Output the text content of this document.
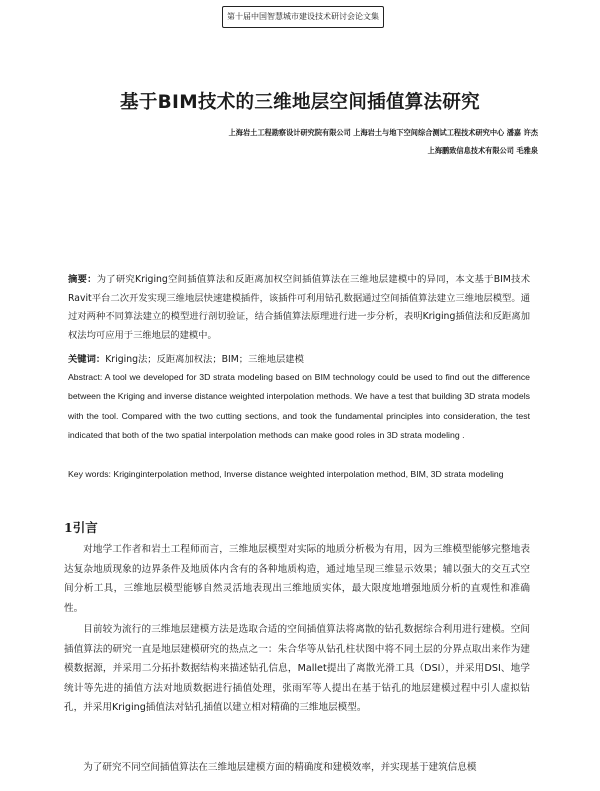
第十届中国智慧城市建设技术研讨会论文集
基于BIM技术的三维地层空间插值算法研究
上海岩土工程勘察设计研究院有限公司 上海岩土与地下空间综合测试工程技术研究中心 潘嘉 许杰
上海鹏致信息技术有限公司 毛雅泉
摘要：为了研究Kriging空间插值算法和反距离加权空间插值算法在三维地层建模中的异同，本文基于BIM技术Ravit平台二次开发实现三维地层快速建模插件，该插件可利用钻孔数据通过空间插值算法建立三维地层模型。通过对两种不同算法建立的模型进行剖切验证，结合插值算法原理进行进一步分析，表明Kriging插值法和反距离加权法均可应用于三维地层的建模中。
关键词：Kriging法；反距离加权法；BIM；三维地层建模
Abstract: A tool we developed for 3D strata modeling based on BIM technology could be used to find out the difference between the Kriging and inverse distance weighted interpolation methods. We have a test that building 3D strata models with the tool. Compared with the two cutting sections, and took the fundamental principles into consideration, the test indicated that both of the two spatial interpolation methods can make good roles in 3D strata modeling .
Key words: Kriginginterpolation method, Inverse distance weighted interpolation method, BIM, 3D strata modeling
1引言
对地学工作者和岩土工程师而言，三维地层模型对实际的地质分析极为有用，因为三维模型能够完整地表达复杂地质现象的边界条件及地质体内含有的各种地质构造，通过地呈现三维显示效果；辅以强大的交互式空间分析工具，三维地层模型能够自然灵活地表现出三维地质实体，最大限度地增强地质分析的直观性和准确性。
目前较为流行的三维地层建模方法是选取合适的空间插值算法将离散的钻孔数据综合利用进行建模。空间插值算法的研究一直是地层建模研究的热点之一：朱合华等从钻孔柱状图中将不同土层的分界点取出来作为建模数据源，并采用二分拓扑数据结构来描述钻孔信息，Mallet提出了离散光滑工具（DSI），并采用DSI、地学统计等先进的插值方法对地质数据进行插值处理，张雨军等人提出在基于钻孔的地层建模过程中引人虚拟钻孔，并采用Kriging插值法对钻孔插值以建立相对精确的三维地层模型。
为了研究不同空间插值算法在三维地层建模方面的精确度和建模效率，并实现基于建筑信息模
